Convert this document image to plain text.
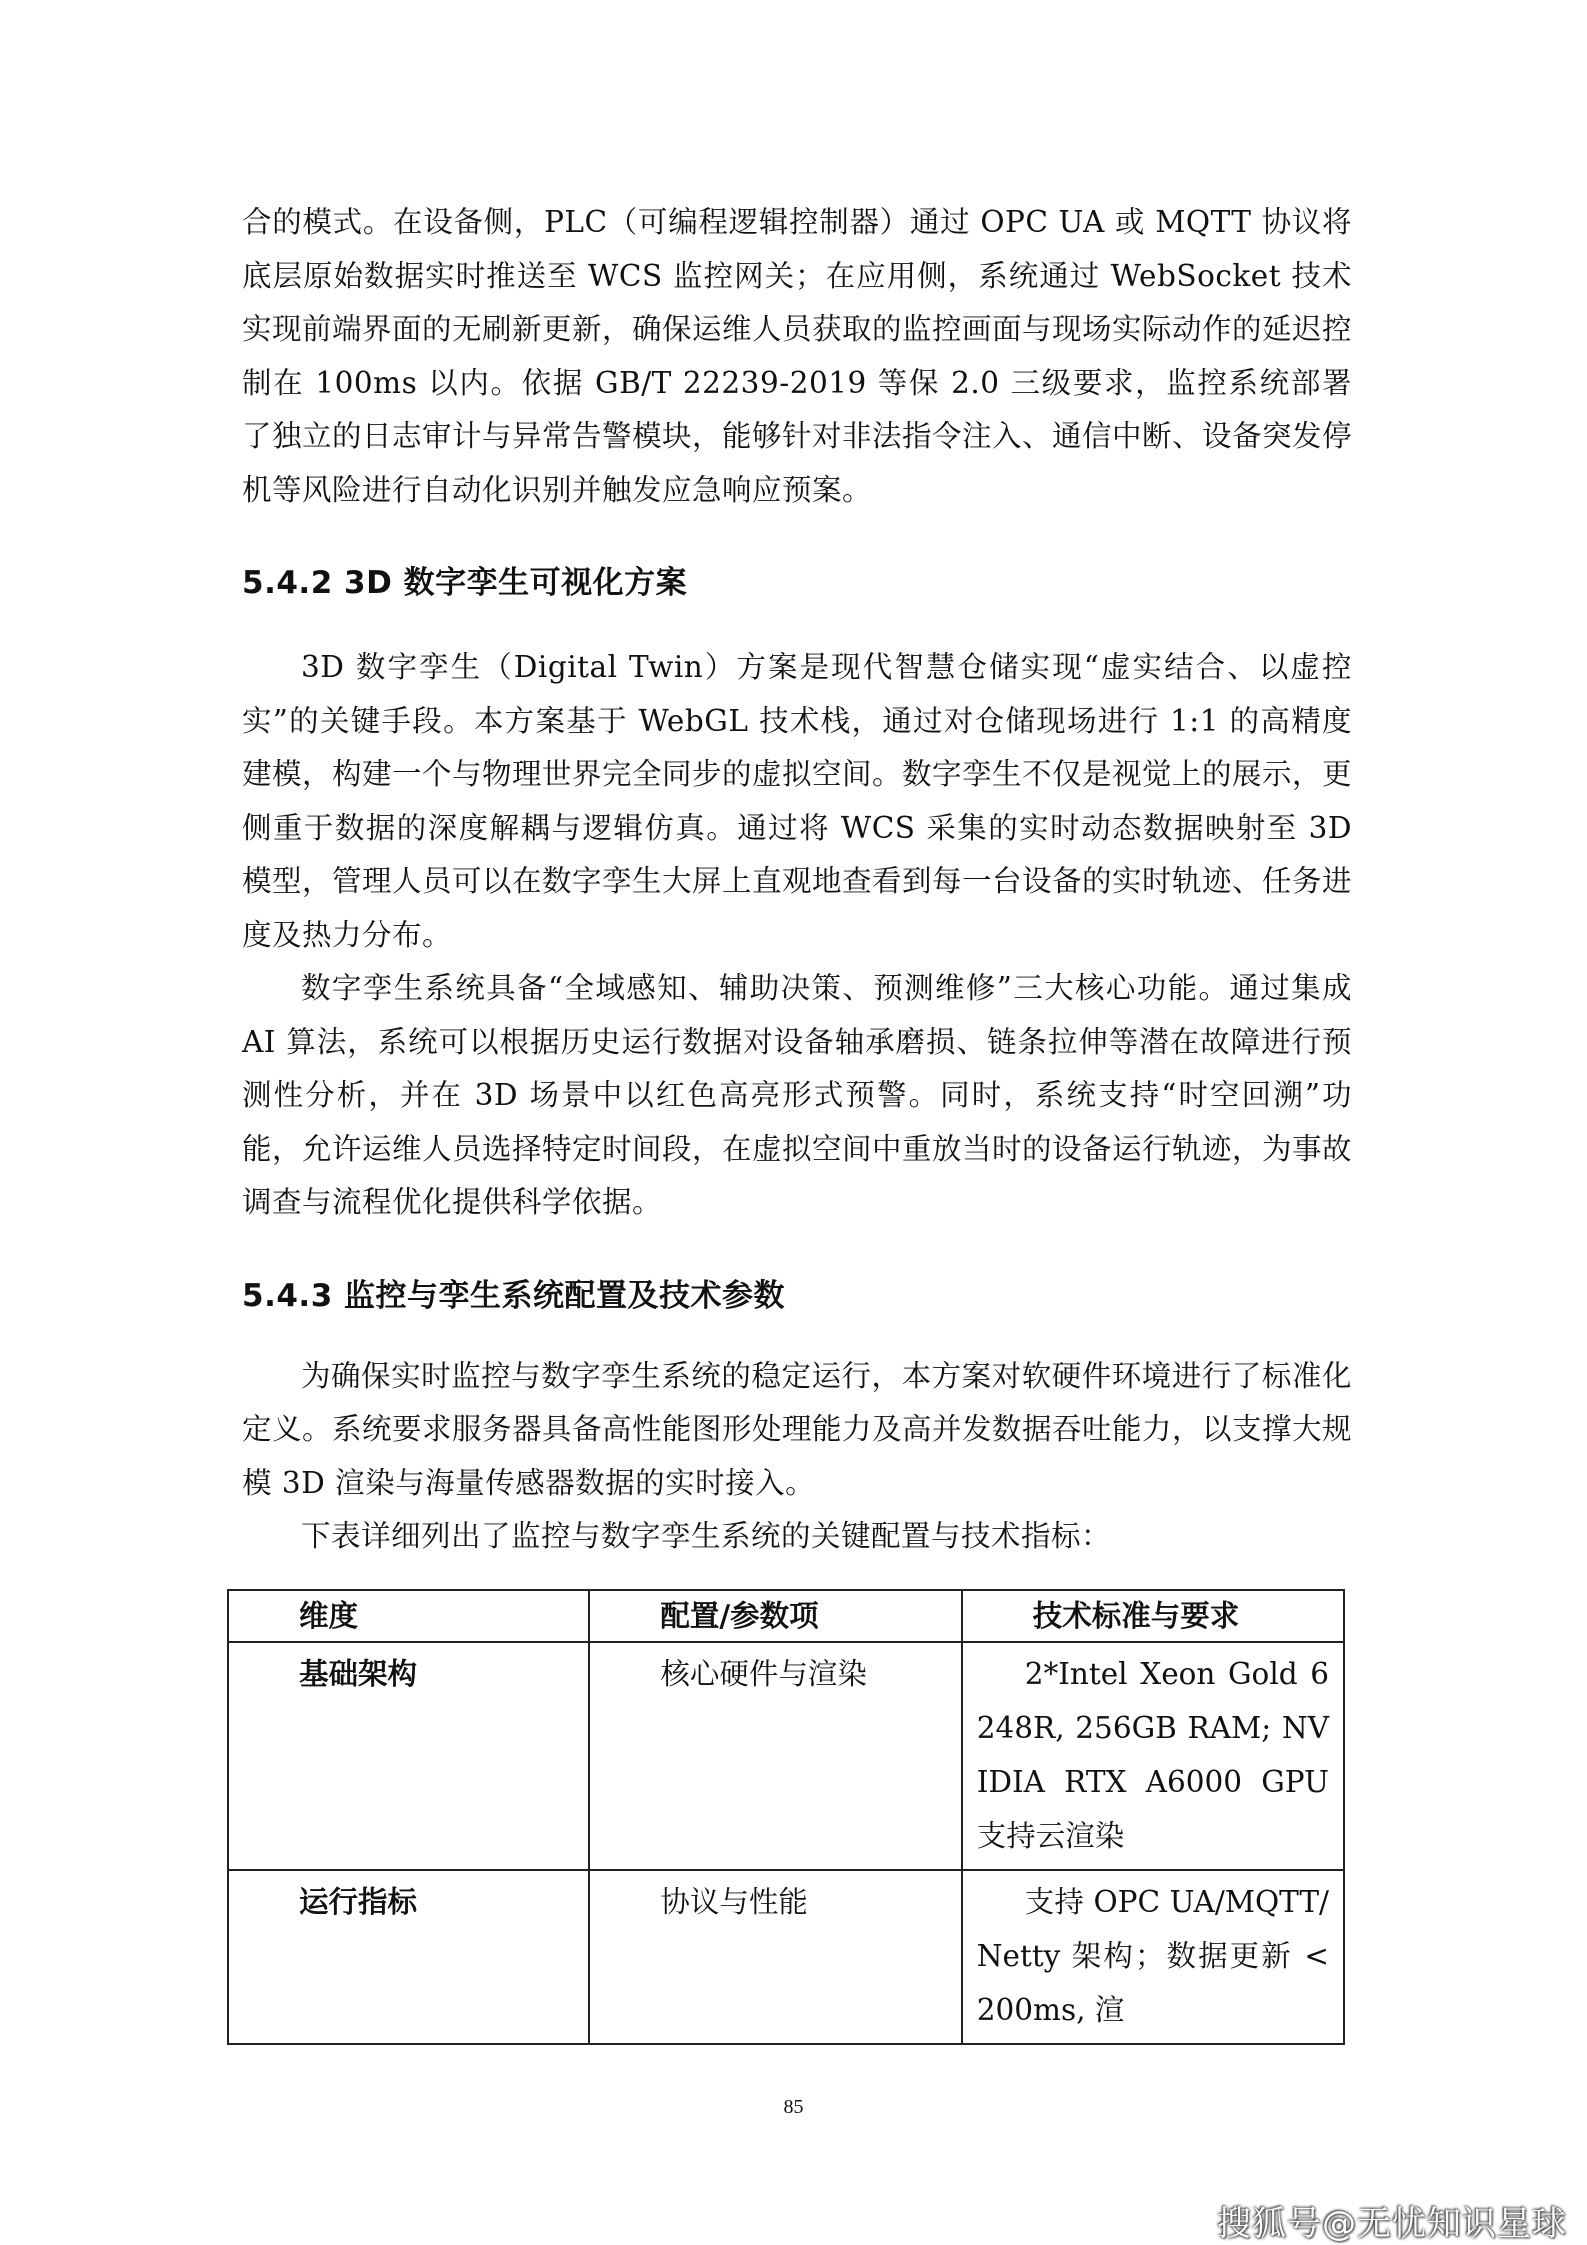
合的模式。在设备侧，PLC（可编程逻辑控制器）通过 OPC UA 或 MQTT 协议将底层原始数据实时推送至 WCS 监控网关；在应用侧，系统通过 WebSocket 技术实现前端界面的无刷新更新，确保运维人员获取的监控画面与现场实际动作的延迟控制在 100ms 以内。依据 GB/T 22239-2019 等保 2.0 三级要求，监控系统部署了独立的日志审计与异常告警模块，能够针对非法指令注入、通信中断、设备突发停机等风险进行自动化识别并触发应急响应预案。

5.4.2 3D 数字孪生可视化方案

3D 数字孪生（Digital Twin）方案是现代智慧仓储实现“虚实结合、以虚控实”的关键手段。本方案基于 WebGL 技术栈，通过对仓储现场进行 1:1 的高精度建模，构建一个与物理世界完全同步的虚拟空间。数字孪生不仅是视觉上的展示，更侧重于数据的深度解耦与逻辑仿真。通过将 WCS 采集的实时动态数据映射至 3D 模型，管理人员可以在数字孪生大屏上直观地查看到每一台设备的实时轨迹、任务进度及热力分布。

数字孪生系统具备“全域感知、辅助决策、预测维修”三大核心功能。通过集成 AI 算法，系统可以根据历史运行数据对设备轴承磨损、链条拉伸等潜在故障进行预测性分析，并在 3D 场景中以红色高亮形式预警。同时，系统支持“时空回溯”功能，允许运维人员选择特定时间段，在虚拟空间中重放当时的设备运行轨迹，为事故调查与流程优化提供科学依据。

5.4.3 监控与孪生系统配置及技术参数

为确保实时监控与数字孪生系统的稳定运行，本方案对软硬件环境进行了标准化定义。系统要求服务器具备高性能图形处理能力及高并发数据吞吐能力，以支撑大规模 3D 渲染与海量传感器数据的实时接入。

下表详细列出了监控与数字孪生系统的关键配置与技术指标：

维度	配置/参数项	技术标准与要求
基础架构	核心硬件与渲染	2*Intel Xeon Gold 6248R, 256GB RAM; NVIDIA RTX A6000 GPU 支持云渲染
运行指标	协议与性能	支持 OPC UA/MQTT/Netty 架构；数据更新 < 200ms, 渲
85
搜狐号@无忧知识星球
